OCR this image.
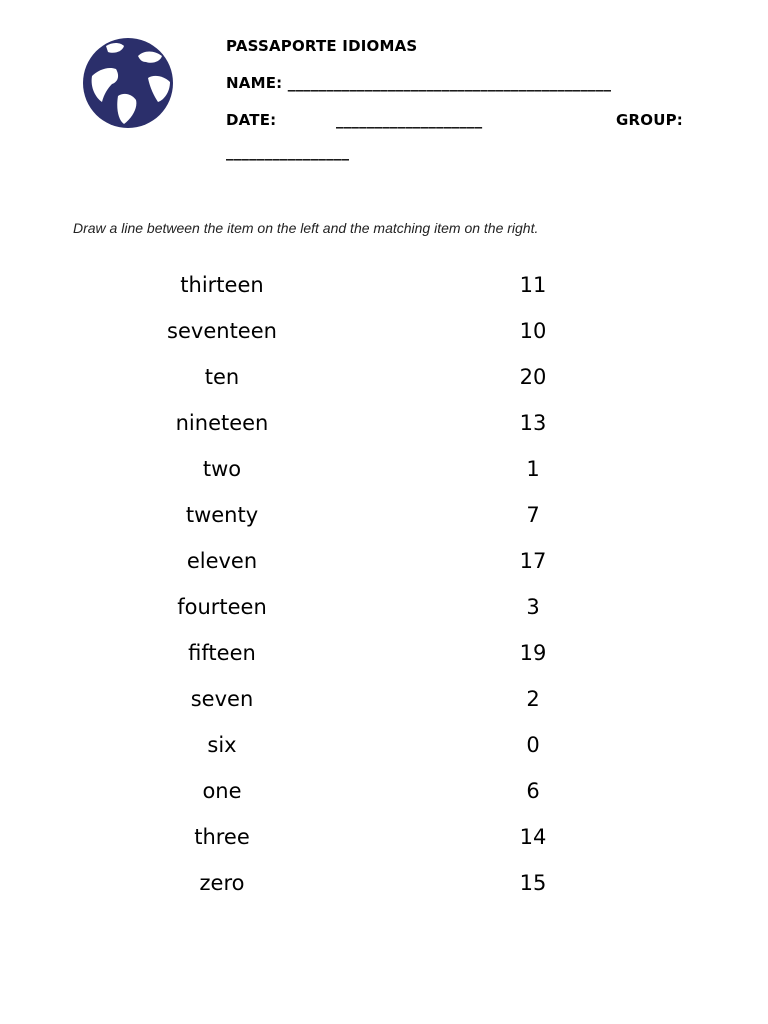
PASSAPORTE IDIOMAS
NAME: __________________________________________
DATE:           ___________________	GROUP:
________________
Draw a line between the item on the left and the matching item on the right.
thirteen	11
seventeen	10
ten	20
nineteen	13
two	1
twenty	7
eleven	17
fourteen	3
fifteen	19
seven	2
six	0
one	6
three	14
zero	15
